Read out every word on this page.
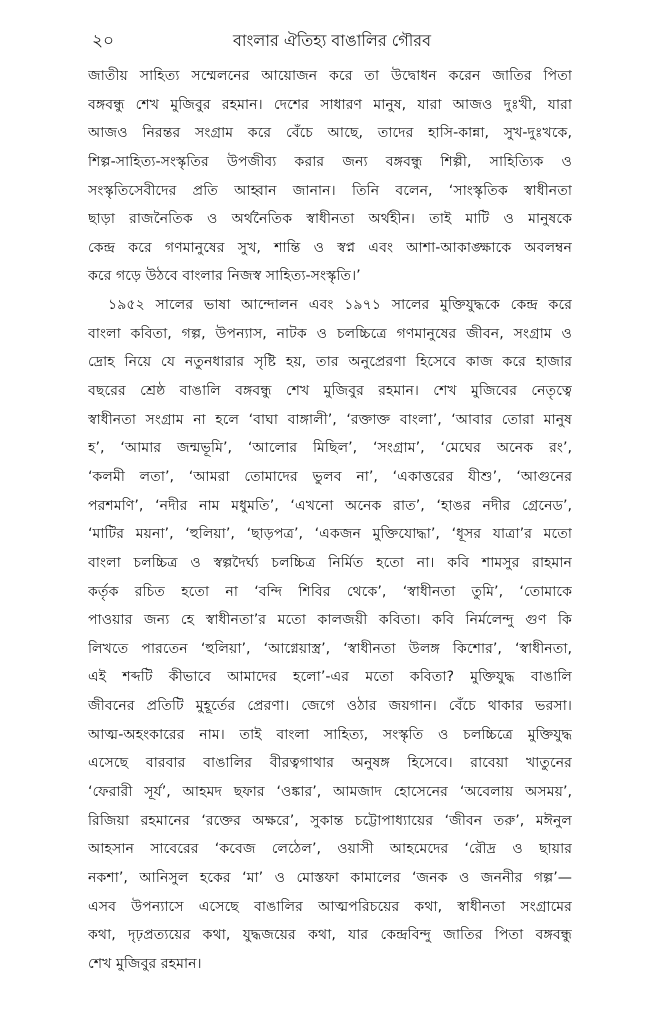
২০	বাংলার ঐতিহ্য বাঙালির গৌরব
জাতীয় সাহিত্য সম্মেলনের আয়োজন করে তা উদ্বোধন করেন জাতির পিতা
বঙ্গবন্ধু শেখ মুজিবুর রহমান। দেশের সাধারণ মানুষ, যারা আজও দুঃখী, যারা
আজও নিরন্তর সংগ্রাম করে বেঁচে আছে, তাদের হাসি-কান্না, সুখ-দুঃখকে,
শিল্প-সাহিত্য-সংস্কৃতির উপজীব্য করার জন্য বঙ্গবন্ধু শিল্পী, সাহিত্যিক ও
সংস্কৃতিসেবীদের প্রতি আহ্বান জানান। তিনি বলেন, ‘সাংস্কৃতিক স্বাধীনতা
ছাড়া রাজনৈতিক ও অর্থনৈতিক স্বাধীনতা অর্থহীন। তাই মাটি ও মানুষকে
কেন্দ্র করে গণমানুষের সুখ, শান্তি ও স্বপ্ন এবং আশা-আকাঙ্ক্ষাকে অবলম্বন
করে গড়ে উঠবে বাংলার নিজস্ব সাহিত্য-সংস্কৃতি।’
১৯৫২ সালের ভাষা আন্দোলন এবং ১৯৭১ সালের মুক্তিযুদ্ধকে কেন্দ্র করে
বাংলা কবিতা, গল্প, উপন্যাস, নাটক ও চলচ্চিত্রে গণমানুষের জীবন, সংগ্রাম ও
দ্রোহ নিয়ে যে নতুনধারার সৃষ্টি হয়, তার অনুপ্রেরণা হিসেবে কাজ করে হাজার
বছরের শ্রেষ্ঠ বাঙালি বঙ্গবন্ধু শেখ মুজিবুর রহমান। শেখ মুজিবের নেতৃত্বে
স্বাধীনতা সংগ্রাম না হলে ‘বাঘা বাঙ্গালী’, ‘রক্তাক্ত বাংলা’, ‘আবার তোরা মানুষ
হ’, ‘আমার জন্মভূমি’, ‘আলোর মিছিল’, ‘সংগ্রাম’, ‘মেঘের অনেক রং’,
‘কলমী লতা’, ‘আমরা তোমাদের ভুলব না’, ‘একাত্তরের যীশু’, ‘আগুনের
পরশমণি’, ‘নদীর নাম মধুমতি’, ‘এখনো অনেক রাত’, ‘হাঙর নদীর গ্রেনেড’,
‘মাটির ময়না’, ‘হুলিয়া’, ‘ছাড়পত্র’, ‘একজন মুক্তিযোদ্ধা’, ‘ধূসর যাত্রা’র মতো
বাংলা চলচ্চিত্র ও স্বল্পদৈর্ঘ্য চলচ্চিত্র নির্মিত হতো না। কবি শামসুর রাহমান
কর্তৃক রচিত হতো না ‘বন্দি শিবির থেকে’, ‘স্বাধীনতা তুমি’, ‘তোমাকে
পাওয়ার জন্য হে স্বাধীনতা’র মতো কালজয়ী কবিতা। কবি নির্মলেন্দু গুণ কি
লিখতে পারতেন ‘হুলিয়া’, ‘আগ্নেয়াস্ত্র’, ‘স্বাধীনতা উলঙ্গ কিশোর’, ‘স্বাধীনতা,
এই শব্দটি কীভাবে আমাদের হলো’-এর মতো কবিতা? মুক্তিযুদ্ধ বাঙালি
জীবনের প্রতিটি মুহূর্তের প্রেরণা। জেগে ওঠার জয়গান। বেঁচে থাকার ভরসা।
আত্ম-অহংকারের নাম। তাই বাংলা সাহিত্য, সংস্কৃতি ও চলচ্চিত্রে মুক্তিযুদ্ধ
এসেছে বারবার বাঙালির বীরত্বগাথার অনুষঙ্গ হিসেবে। রাবেয়া খাতুনের
‘ফেরারী সূর্য’, আহমদ ছফার ‘ওঙ্কার’, আমজাদ হোসেনের ‘অবেলায় অসময়’,
রিজিয়া রহমানের ‘রক্তের অক্ষরে’, সুকান্ত চট্টোপাধ্যায়ের ‘জীবন তরু’, মঈনুল
আহসান সাবেরের ‘কবেজ লেঠেল’, ওয়াসী আহমেদের ‘রৌদ্র ও ছায়ার
নকশা’, আনিসুল হকের ‘মা’ ও মোস্তফা কামালের ‘জনক ও জননীর গল্প’—
এসব উপন্যাসে এসেছে বাঙালির আত্মপরিচয়ের কথা, স্বাধীনতা সংগ্রামের
কথা, দৃঢ়প্রত্যয়ের কথা, যুদ্ধজয়ের কথা, যার কেন্দ্রবিন্দু জাতির পিতা বঙ্গবন্ধু
শেখ মুজিবুর রহমান।
